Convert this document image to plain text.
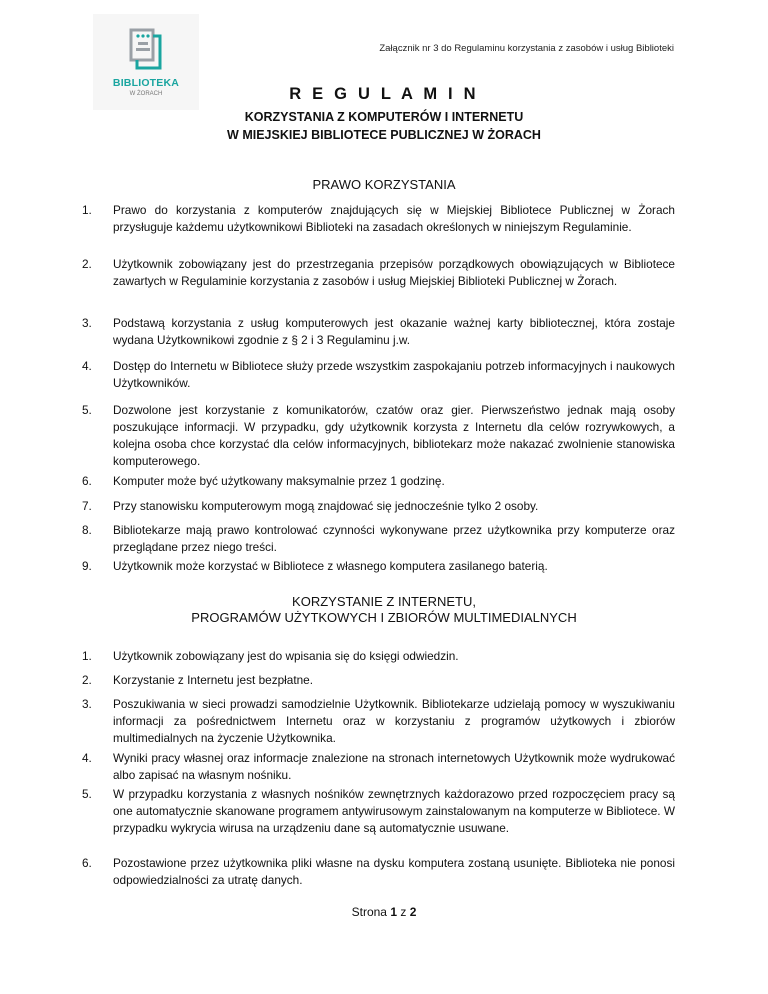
BIBLIOTEKA
W ŻORACH
Załącznik nr 3 do Regulaminu korzystania z zasobów i usług Biblioteki
R E G U L A M I N
KORZYSTANIA Z KOMPUTERÓW I INTERNETU
W MIEJSKIEJ BIBLIOTECE PUBLICZNEJ W ŻORACH
PRAWO KORZYSTANIA
1. Prawo do korzystania z komputerów znajdujących się w Miejskiej Bibliotece Publicznej w Żorach przysługuje każdemu użytkownikowi Biblioteki na zasadach określonych w niniejszym Regulaminie.
2. Użytkownik zobowiązany jest do przestrzegania przepisów porządkowych obowiązujących w Bibliotece zawartych w Regulaminie korzystania z zasobów i usług Miejskiej Biblioteki Publicznej w Żorach.
3. Podstawą korzystania z usług komputerowych jest okazanie ważnej karty bibliotecznej, która zostaje wydana Użytkownikowi zgodnie z § 2 i 3 Regulaminu j.w.
4. Dostęp do Internetu w Bibliotece służy przede wszystkim zaspokajaniu potrzeb informacyjnych i naukowych Użytkowników.
5. Dozwolone jest korzystanie z komunikatorów, czatów oraz gier. Pierwszeństwo jednak mają osoby poszukujące informacji. W przypadku, gdy użytkownik korzysta z Internetu dla celów rozrywkowych, a kolejna osoba chce korzystać dla celów informacyjnych, bibliotekarz może nakazać zwolnienie stanowiska komputerowego.
6. Komputer może być użytkowany maksymalnie przez 1 godzinę.
7. Przy stanowisku komputerowym mogą znajdować się jednocześnie tylko 2 osoby.
8. Bibliotekarze mają prawo kontrolować czynności wykonywane przez użytkownika przy komputerze oraz przeglądane przez niego treści.
9. Użytkownik może korzystać w Bibliotece z własnego komputera zasilanego baterią.
KORZYSTANIE Z INTERNETU,
PROGRAMÓW UŻYTKOWYCH I ZBIORÓW MULTIMEDIALNYCH
1. Użytkownik zobowiązany jest do wpisania się do księgi odwiedzin.
2. Korzystanie z Internetu jest bezpłatne.
3. Poszukiwania w sieci prowadzi samodzielnie Użytkownik. Bibliotekarze udzielają pomocy w wyszukiwaniu informacji za pośrednictwem Internetu oraz w korzystaniu z programów użytkowych i zbiorów multimedialnych na życzenie Użytkownika.
4. Wyniki pracy własnej oraz informacje znalezione na stronach internetowych Użytkownik może wydrukować albo zapisać na własnym nośniku.
5. W przypadku korzystania z własnych nośników zewnętrznych każdorazowo przed rozpoczęciem pracy są one automatycznie skanowane programem antywirusowym zainstalowanym na komputerze w Bibliotece. W przypadku wykrycia wirusa na urządzeniu dane są automatycznie usuwane.
6. Pozostawione przez użytkownika pliki własne na dysku komputera zostaną usunięte. Biblioteka nie ponosi odpowiedzialności za utratę danych.
Strona 1 z 2
